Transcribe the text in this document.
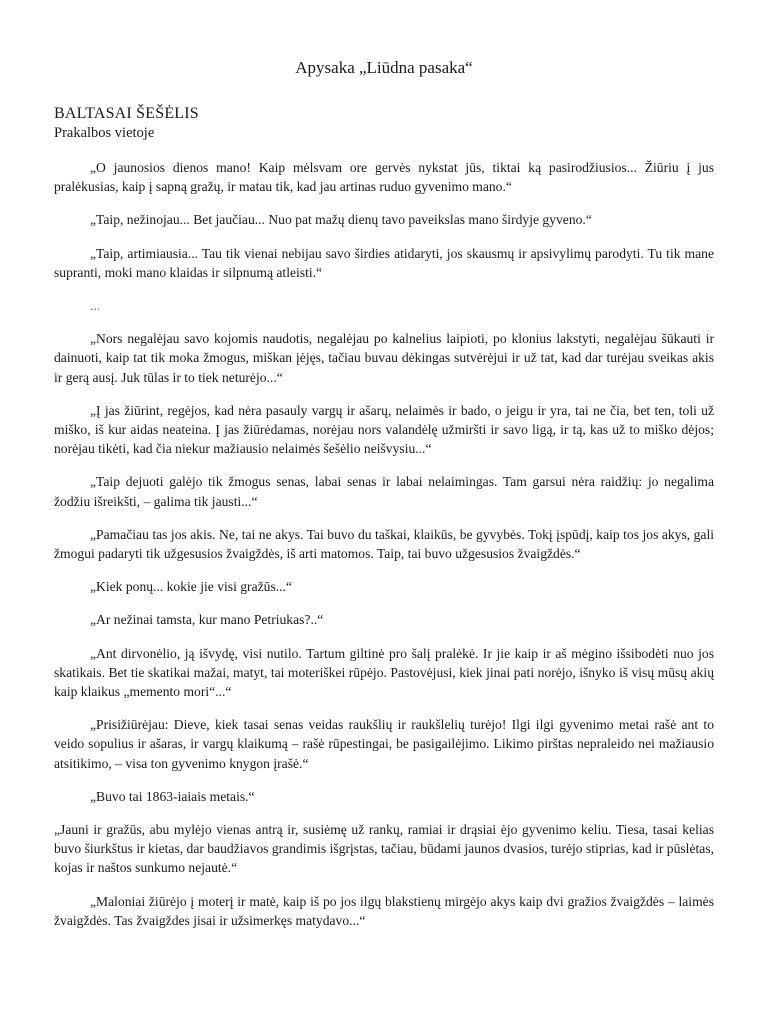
Apysaka „Liūdna pasaka“
BALTASAI ŠEŠĖLIS
Prakalbos vietoje

„O jaunosios dienos mano! Kaip mėlsvam ore gervės nykstat jūs, tiktai ką pasirodžiusios... Žiūriu į jus pralėkusias, kaip į sapną gražų, ir matau tik, kad jau artinas ruduo gyvenimo mano.“

„Taip, nežinojau... Bet jaučiau... Nuo pat mažų dienų tavo paveikslas mano širdyje gyveno.“

„Taip, artimiausia... Tau tik vienai nebijau savo širdies atidaryti, jos skausmų ir apsivylimų parodyti. Tu tik mane supranti, moki mano klaidas ir silpnumą atleisti.“

...

„Nors negalėjau savo kojomis naudotis, negalėjau po kalnelius laipioti, po klonius lakstyti, negalėjau šūkauti ir dainuoti, kaip tat tik moka žmogus, miškan įėjęs, tačiau buvau dėkingas sutvėrėjui ir už tat, kad dar turėjau sveikas akis ir gerą ausį. Juk tūlas ir to tiek neturėjo...“

„Į jas žiūrint, regėjos, kad nėra pasauly vargų ir ašarų, nelaimės ir bado, o jeigu ir yra, tai ne čia, bet ten, toli už miško, iš kur aidas neateina. Į jas žiūrėdamas, norėjau nors valandėlę užmiršti ir savo ligą, ir tą, kas už to miško dėjos; norėjau tikėti, kad čia niekur mažiausio nelaimės šešėlio neišvysiu...“

„Taip dejuoti galėjo tik žmogus senas, labai senas ir labai nelaimingas. Tam garsui nėra raidžių: jo negalima žodžiu išreikšti, – galima tik jausti...“

„Pamačiau tas jos akis. Ne, tai ne akys. Tai buvo du taškai, klaikūs, be gyvybės. Tokį įspūdį, kaip tos jos akys, gali žmogui padaryti tik užgesusios žvaigždės, iš arti matomos. Taip, tai buvo užgesusios žvaigždės.“

„Kiek ponų... kokie jie visi gražūs...“

„Ar nežinai tamsta, kur mano Petriukas?..“

„Ant dirvonėlio, ją išvydę, visi nutilo. Tartum giltinė pro šalį pralėkė. Ir jie kaip ir aš mėgino išsibodėti nuo jos skatikais. Bet tie skatikai mažai, matyt, tai moteriškei rūpėjo. Pastovėjusi, kiek jinai pati norėjo, išnyko iš visų mūsų akių kaip klaikus „memento mori“...“

„Prisižiūrėjau: Dieve, kiek tasai senas veidas raukšlių ir raukšlelių turėjo! Ilgi ilgi gyvenimo metai rašė ant to veido sopulius ir ašaras, ir vargų klaikumą – rašė rūpestingai, be pasigailėjimo. Likimo pirštas nepraleido nei mažiausio atsitikimo, – visa ton gyvenimo knygon įrašė.“

„Buvo tai 1863-iaiais metais.“

„Jauni ir gražūs, abu mylėjo vienas antrą ir, susiėmę už rankų, ramiai ir drąsiai ėjo gyvenimo keliu. Tiesa, tasai kelias buvo šiurkštus ir kietas, dar baudžiavos grandimis išgrįstas, tačiau, būdami jaunos dvasios, turėjo stiprias, kad ir pūslėtas, kojas ir naštos sunkumo nejautė.“

„Maloniai žiūrėjo į moterį ir matė, kaip iš po jos ilgų blakstienų mirgėjo akys kaip dvi gražios žvaigždės – laimės žvaigždės. Tas žvaigždes jisai ir užsimerkęs matydavo...“
